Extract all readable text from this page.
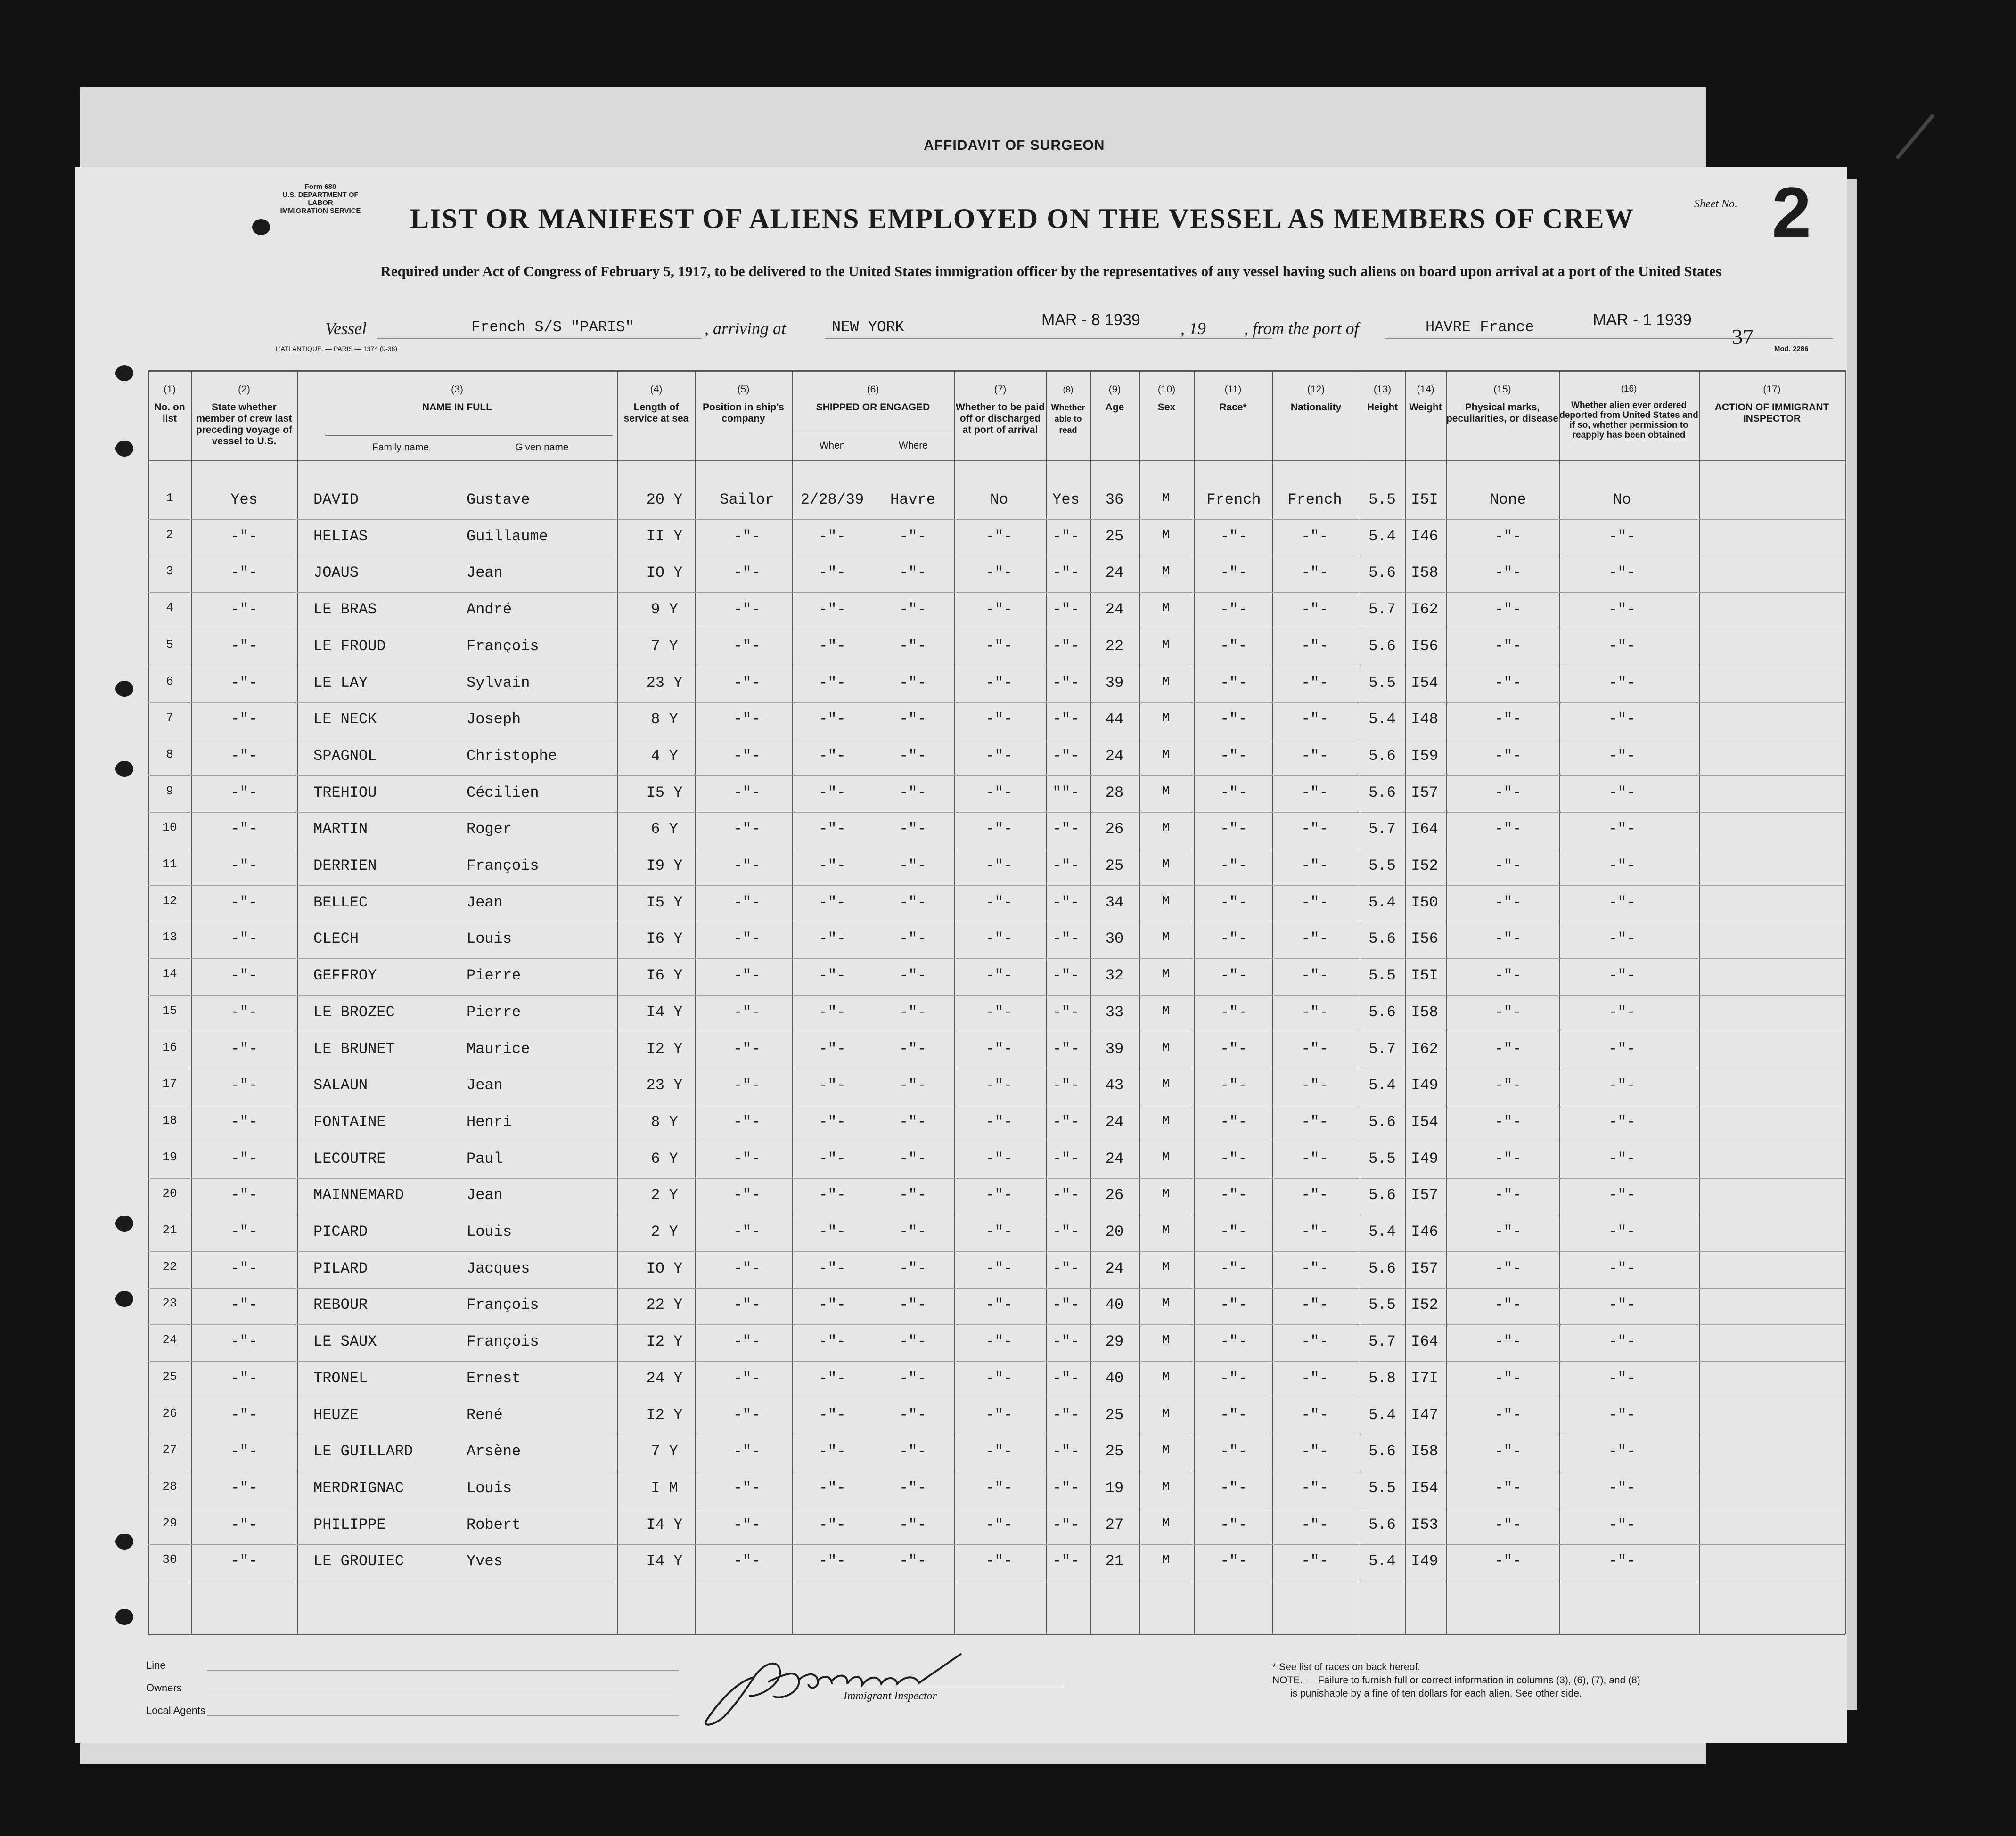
AFFIDAVIT OF SURGEON
Form 680
U.S. DEPARTMENT OF LABOR
IMMIGRATION SERVICE LIST OR MANIFEST OF ALIENS EMPLOYED ON THE VESSEL AS MEMBERS OF CREW	Sheet No. 2
Required under Act of Congress of February 5, 1917, to be delivered to the United States immigration officer by the representatives of any vessel having such aliens on board upon arrival at a port of the United States
Vessel	French S/S "PARIS"	, arriving at	NEW YORK	MAR - 8 1939 , 19 , from the port of	HAVRE France	MAR - 1 1939
37
L'ATLANTIQUE. — PARIS — 1374 (9-38)	Mod. 2286
(1)
No. on list
(2)
State whether member of crew last preceding voyage of vessel to U.S.
(3)
NAME IN FULL
Family name	Given name
(4)
Length of service at sea
(5)
Position in ship's company
(6)
SHIPPED OR ENGAGED
When	Where
(7)
Whether to be paid off or discharged at port of arrival
(8)
Whether able to read
(9)
Age
(10)
Sex
(11)
Race*
(12)
Nationality
(13)
Height
(14)
Weight
(15)
Physical marks, peculiarities, or disease
(16)
Whether alien ever ordered deported from United States and if so, whether permission to reapply has been obtained
(17)
ACTION OF IMMIGRANT INSPECTOR
1	Yes	DAVID	Gustave	20 Y Sailor 2/28/39 Havre	No	Yes 36	M French French 5.5 I5I	None	No
2	-"-	HELIAS	Guillaume	II Y	-"-	-"-	-"-	-"-	-"- 25	M	-"-	-"-	5.4 I46	-"-	-"-
3	-"-	JOAUS	Jean	IO Y	-"-	-"-	-"-	-"-	-"- 24	M	-"-	-"-	5.6 I58	-"-	-"-
4	-"-	LE BRAS	André	9 Y	-"-	-"-	-"-	-"-	-"- 24	M	-"-	-"-	5.7 I62	-"-	-"-
5	-"-	LE FROUD	François	7 Y	-"-	-"-	-"-	-"-	-"- 22	M	-"-	-"-	5.6 I56	-"-	-"-
6	-"-	LE LAY	Sylvain	23 Y	-"-	-"-	-"-	-"-	-"- 39	M	-"-	-"-	5.5 I54	-"-	-"-
7	-"-	LE NECK	Joseph	8 Y	-"-	-"-	-"-	-"-	-"- 44	M	-"-	-"-	5.4 I48	-"-	-"-
8	-"-	SPAGNOL	Christophe	4 Y	-"-	-"-	-"-	-"-	-"- 24	M	-"-	-"-	5.6 I59	-"-	-"-
9	-"-	TREHIOU	Cécilien	I5 Y	-"-	-"-	-"-	-"-	""- 28	M	-"-	-"-	5.6 I57	-"-	-"-
10	-"-	MARTIN	Roger	6 Y	-"-	-"-	-"-	-"-	-"- 26	M	-"-	-"-	5.7 I64	-"-	-"-
11	-"-	DERRIEN	François	I9 Y	-"-	-"-	-"-	-"-	-"- 25	M	-"-	-"-	5.5 I52	-"-	-"-
12	-"-	BELLEC	Jean	I5 Y	-"-	-"-	-"-	-"-	-"- 34	M	-"-	-"-	5.4 I50	-"-	-"-
13	-"-	CLECH	Louis	I6 Y	-"-	-"-	-"-	-"-	-"- 30	M	-"-	-"-	5.6 I56	-"-	-"-
14	-"-	GEFFROY	Pierre	I6 Y	-"-	-"-	-"-	-"-	-"- 32	M	-"-	-"-	5.5 I5I	-"-	-"-
15	-"-	LE BROZEC	Pierre	I4 Y	-"-	-"-	-"-	-"-	-"- 33	M	-"-	-"-	5.6 I58	-"-	-"-
16	-"-	LE BRUNET	Maurice	I2 Y	-"-	-"-	-"-	-"-	-"- 39	M	-"-	-"-	5.7 I62	-"-	-"-
17	-"-	SALAUN	Jean	23 Y	-"-	-"-	-"-	-"-	-"- 43	M	-"-	-"-	5.4 I49	-"-	-"-
18	-"-	FONTAINE	Henri	8 Y	-"-	-"-	-"-	-"-	-"- 24	M	-"-	-"-	5.6 I54	-"-	-"-
19	-"-	LECOUTRE	Paul	6 Y	-"-	-"-	-"-	-"-	-"- 24	M	-"-	-"-	5.5 I49	-"-	-"-
20	-"-	MAINNEMARD	Jean	2 Y	-"-	-"-	-"-	-"-	-"- 26	M	-"-	-"-	5.6 I57	-"-	-"-
21	-"-	PICARD	Louis	2 Y	-"-	-"-	-"-	-"-	-"- 20	M	-"-	-"-	5.4 I46	-"-	-"-
22	-"-	PILARD	Jacques	IO Y	-"-	-"-	-"-	-"-	-"- 24	M	-"-	-"-	5.6 I57	-"-	-"-
23	-"-	REBOUR	François	22 Y	-"-	-"-	-"-	-"-	-"- 40	M	-"-	-"-	5.5 I52	-"-	-"-
24	-"-	LE SAUX	François	I2 Y	-"-	-"-	-"-	-"-	-"- 29	M	-"-	-"-	5.7 I64	-"-	-"-
25	-"-	TRONEL	Ernest	24 Y	-"-	-"-	-"-	-"-	-"- 40	M	-"-	-"-	5.8 I7I	-"-	-"-
26	-"-	HEUZE	René	I2 Y	-"-	-"-	-"-	-"-	-"- 25	M	-"-	-"-	5.4 I47	-"-	-"-
27	-"-	LE GUILLARD	Arsène	7 Y	-"-	-"-	-"-	-"-	-"- 25	M	-"-	-"-	5.6 I58	-"-	-"-
28	-"-	MERDRIGNAC	Louis	I M	-"-	-"-	-"-	-"-	-"- 19	M	-"-	-"-	5.5 I54	-"-	-"-
29	-"-	PHILIPPE	Robert	I4 Y	-"-	-"-	-"-	-"-	-"- 27	M	-"-	-"-	5.6 I53	-"-	-"-
30	-"-	LE GROUIEC	Yves	I4 Y	-"-	-"-	-"-	-"-	-"- 21	M	-"-	-"-	5.4 I49	-"-	-"-
Line
Owners
Local Agents
Immigrant Inspector
* See list of races on back hereof.
NOTE. — Failure to furnish full or correct information in columns (3), (6), (7), and (8)
is punishable by a fine of ten dollars for each alien. See other side.
